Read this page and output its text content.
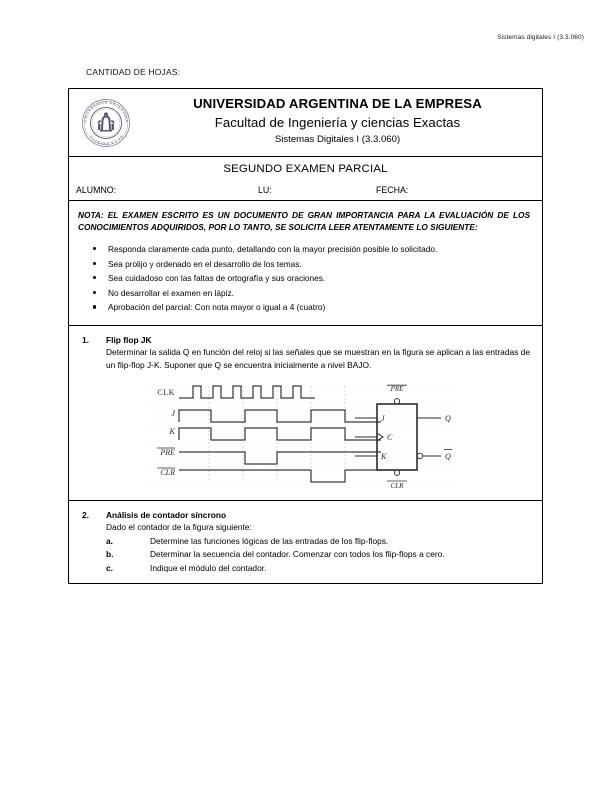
Sistemas digitales I (3.3.060)
CANTIDAD DE HOJAS:
UNIVERSIDAD ARGENTINA
DE LA EMPRESA
UNIVERSIDAD ARGENTINA DE LA EMPRESA
Facultad de Ingeniería y ciencias Exactas
Sistemas Digitales I (3.3.060)
SEGUNDO EXAMEN PARCIAL
ALUMNO:	LU:	FECHA:
NOTA: EL EXAMEN ESCRITO ES UN DOCUMENTO DE GRAN IMPORTANCIA PARA LA EVALUACIÓN DE LOS CONOCIMIENTOS ADQUIRIDOS, POR LO TANTO, SE SOLICITA LEER ATENTAMENTE LO SIGUIENTE:
Responda claramente cada punto, detallando con la mayor precisión posible lo solicitado.
Sea prolijo y ordenado en el desarrollo de los temas.
Sea cuidadoso con las faltas de ortografía y sus oraciones.
No desarrollar el examen en lápiz.
Aprobación del parcial: Con nota mayor o igual a 4 (cuatro)
1.	Flip flop JK
Determinar la salida Q en función del reloj si las señales que se muestran en la figura se aplican a las entradas de un flip-flop J-K. Suponer que Q se encuentra inicialmente a nivel BAJO.
CLK
J
K
PRE
CLR
PRE
CLR
J
C
K
Q
Q
2.	Análisis de contador síncrono
Dado el contador de la figura siguiente:
a.	Determine las funciones lógicas de las entradas de los flip-flops.
b.	Determinar la secuencia del contador. Comenzar con todos los flip-flops a cero.
c.	Indique el módulo del contador.
